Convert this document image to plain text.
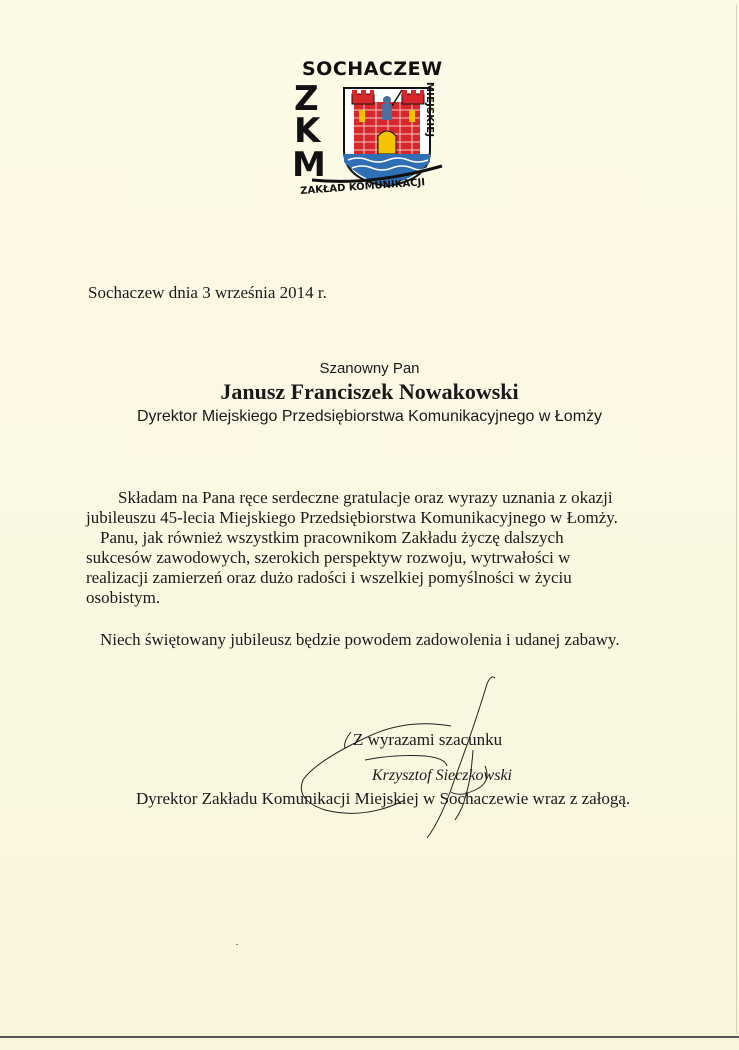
SOCHACZEW
Z
K
M
MIEJSKIEJ
ZAKŁAD KOMUNIKACJI
Sochaczew dnia 3 września 2014 r.
Szanowny Pan
Janusz Franciszek Nowakowski
Dyrektor Miejskiego Przedsiębiorstwa Komunikacyjnego w Łomży
Składam na Pana ręce serdeczne gratulacje oraz wyrazy uznania z okazji
jubileuszu 45-lecia Miejskiego Przedsiębiorstwa Komunikacyjnego w Łomży.
Panu, jak również wszystkim pracownikom Zakładu życzę dalszych
sukcesów zawodowych, szerokich perspektyw rozwoju, wytrwałości w
realizacji zamierzeń oraz dużo radości i wszelkiej pomyślności w życiu
osobistym.
Niech świętowany jubileusz będzie powodem zadowolenia i udanej zabawy.
Z wyrazami szacunku
Krzysztof Sieczkowski
Dyrektor Zakładu Komunikacji Miejskiej w Sochaczewie wraz z załogą.
